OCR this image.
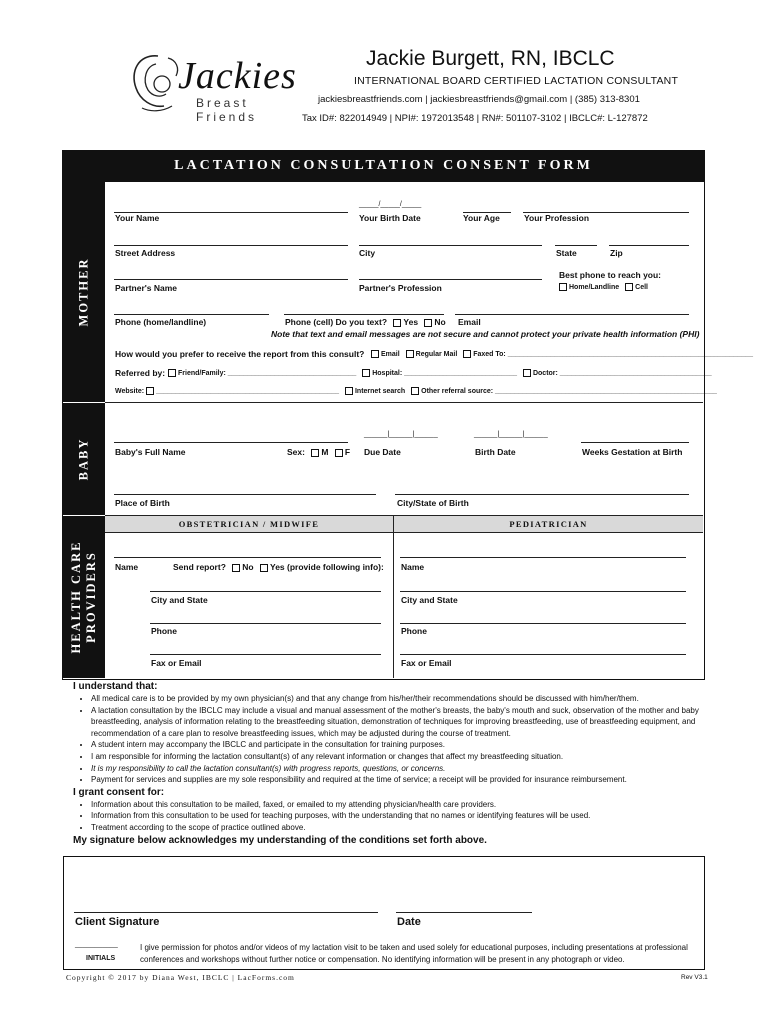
Jackies
Breast Friends
Jackie Burgett, RN, IBCLC
INTERNATIONAL BOARD CERTIFIED LACTATION CONSULTANT
jackiesbreastfriends.com | jackiesbreastfriends@gmail.com | (385) 313-8301
Tax ID#: 822014949 | NPI#: 1972013548 | RN#: 501107-3102 | IBCLC#: L-127872
LACTATION CONSULTATION CONSENT FORM
MOTHER
BABY
HEALTH CARE PROVIDERS
_____/_____/_____
Your Name	Your Birth Date	Your Age	Your Profession
Street Address	City	State	Zip
Best phone to reach you:
Partner's Name	Partner's Profession	Home/Landline Cell
Phone (home/landline)	Phone (cell) Do you text? Yes No Email
Note that text and email messages are not secure and cannot protect your private health information (PHI)
How would you prefer to receive the report from this consult?	Email Regular Mail Faxed To: _______________________________________________________________
Referred by:	Friend/Family: _________________________________ Hospital: _____________________________ Doctor: _______________________________________
Website: _______________________________________________ Internet search Other referral source: _________________________________________________________
______|______|______	______|______|______
Baby's Full Name	Sex: M F Due Date	Birth Date	Weeks Gestation at Birth
Place of Birth	City/State of Birth
OBSTETRICIAN / MIDWIFE	PEDIATRICIAN
Name	Send report? No Yes (provide following info): Name
City and State	City and State
Phone	Phone
Fax or Email	Fax or Email
I understand that:
• All medical care is to be provided by my own physician(s) and that any change from his/her/their recommendations should be discussed with him/her/them.
• A lactation consultation by the IBCLC may include a visual and manual assessment of the mother's breasts, the baby's mouth and suck, observation of the mother and baby breastfeeding, analysis of information relating to the breastfeeding situation, demonstration of techniques for improving breastfeeding, use of breastfeeding equipment, and recommendation of a care plan to resolve breastfeeding issues, which may be adjusted during the course of treatment.
• A student intern may accompany the IBCLC and participate in the consultation for training purposes.
• I am responsible for informing the lactation consultant(s) of any relevant information or changes that affect my breastfeeding situation.
• It is my responsibility to call the lactation consultant(s) with progress reports, questions, or concerns.
• Payment for services and supplies are my sole responsibility and required at the time of service; a receipt will be provided for insurance reimbursement.
I grant consent for:
• Information about this consultation to be mailed, faxed, or emailed to my attending physician/health care providers.
• Information from this consultation to be used for teaching purposes, with the understanding that no names or identifying features will be used.
• Treatment according to the scope of practice outlined above.
My signature below acknowledges my understanding of the conditions set forth above.
Client Signature	Date
___________
INITIALS
I give permission for photos and/or videos of my lactation visit to be taken and used solely for educational purposes, including presentations at professional conferences and workshops without further notice or compensation. No identifying information will be present in any photograph or video.
Copyright © 2017 by Diana West, IBCLC | LacForms.com	Rev V3.1
